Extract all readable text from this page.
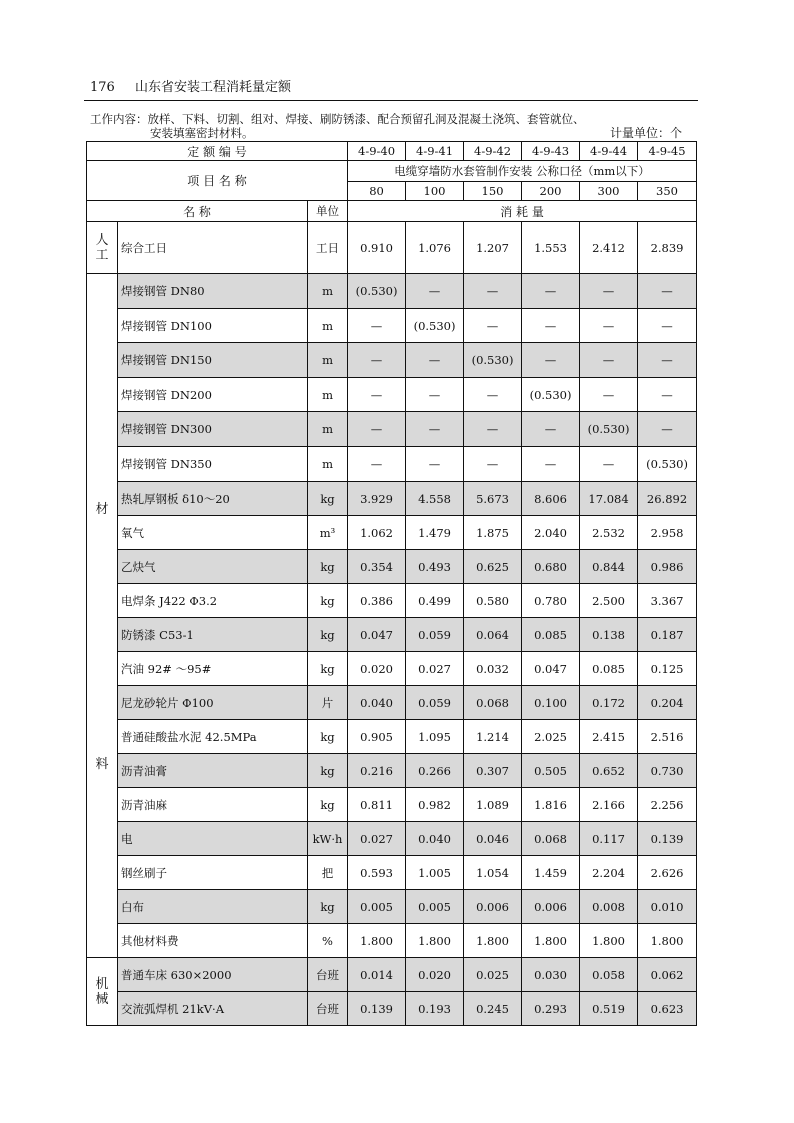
176 山东省安装工程消耗量定额
工作内容：放样、下料、切割、组对、焊接、刷防锈漆、配合预留孔洞及混凝土浇筑、套管就位、
安装填塞密封材料。	计量单位：个
定 额 编 号			4-9-40	4-9-41	4-9-42	4-9-43	4-9-44	4-9-45
项 目 名 称			电缆穿墙防水套管制作安装 公称口径（mm以下）					
			80	100	150	200	300	350
名 称		单位	消 耗 量					

人
工	综合工日	工日	0.910	1.076	1.207	1.553	2.412	2.839

材
料	焊接钢管 DN80	m	(0.530)	—	—	—	—	—
	焊接钢管 DN100	m	—	(0.530)	—	—	—	—
	焊接钢管 DN150	m	—	—	(0.530)	—	—	—
	焊接钢管 DN200	m	—	—	—	(0.530)	—	—
	焊接钢管 DN300	m	—	—	—	—	(0.530)	—
	焊接钢管 DN350	m	—	—	—	—	—	(0.530)
	热轧厚钢板 δ10～20	kg	3.929	4.558	5.673	8.606	17.084	26.892
	氧气	m³	1.062	1.479	1.875	2.040	2.532	2.958
	乙炔气	kg	0.354	0.493	0.625	0.680	0.844	0.986
	电焊条 J422 Φ3.2	kg	0.386	0.499	0.580	0.780	2.500	3.367
	防锈漆 C53-1	kg	0.047	0.059	0.064	0.085	0.138	0.187
	汽油 92# ～95#	kg	0.020	0.027	0.032	0.047	0.085	0.125
	尼龙砂轮片 Φ100	片	0.040	0.059	0.068	0.100	0.172	0.204
	普通硅酸盐水泥 42.5MPa	kg	0.905	1.095	1.214	2.025	2.415	2.516
	沥青油膏	kg	0.216	0.266	0.307	0.505	0.652	0.730
	沥青油麻	kg	0.811	0.982	1.089	1.816	2.166	2.256
	电	kW·h	0.027	0.040	0.046	0.068	0.117	0.139
	钢丝刷子	把	0.593	1.005	1.054	1.459	2.204	2.626
	白布	kg	0.005	0.005	0.006	0.006	0.008	0.010
	其他材料费	%	1.800	1.800	1.800	1.800	1.800	1.800

机
械	普通车床 630×2000	台班	0.014	0.020	0.025	0.030	0.058	0.062
	交流弧焊机 21kV·A	台班	0.139	0.193	0.245	0.293	0.519	0.623
